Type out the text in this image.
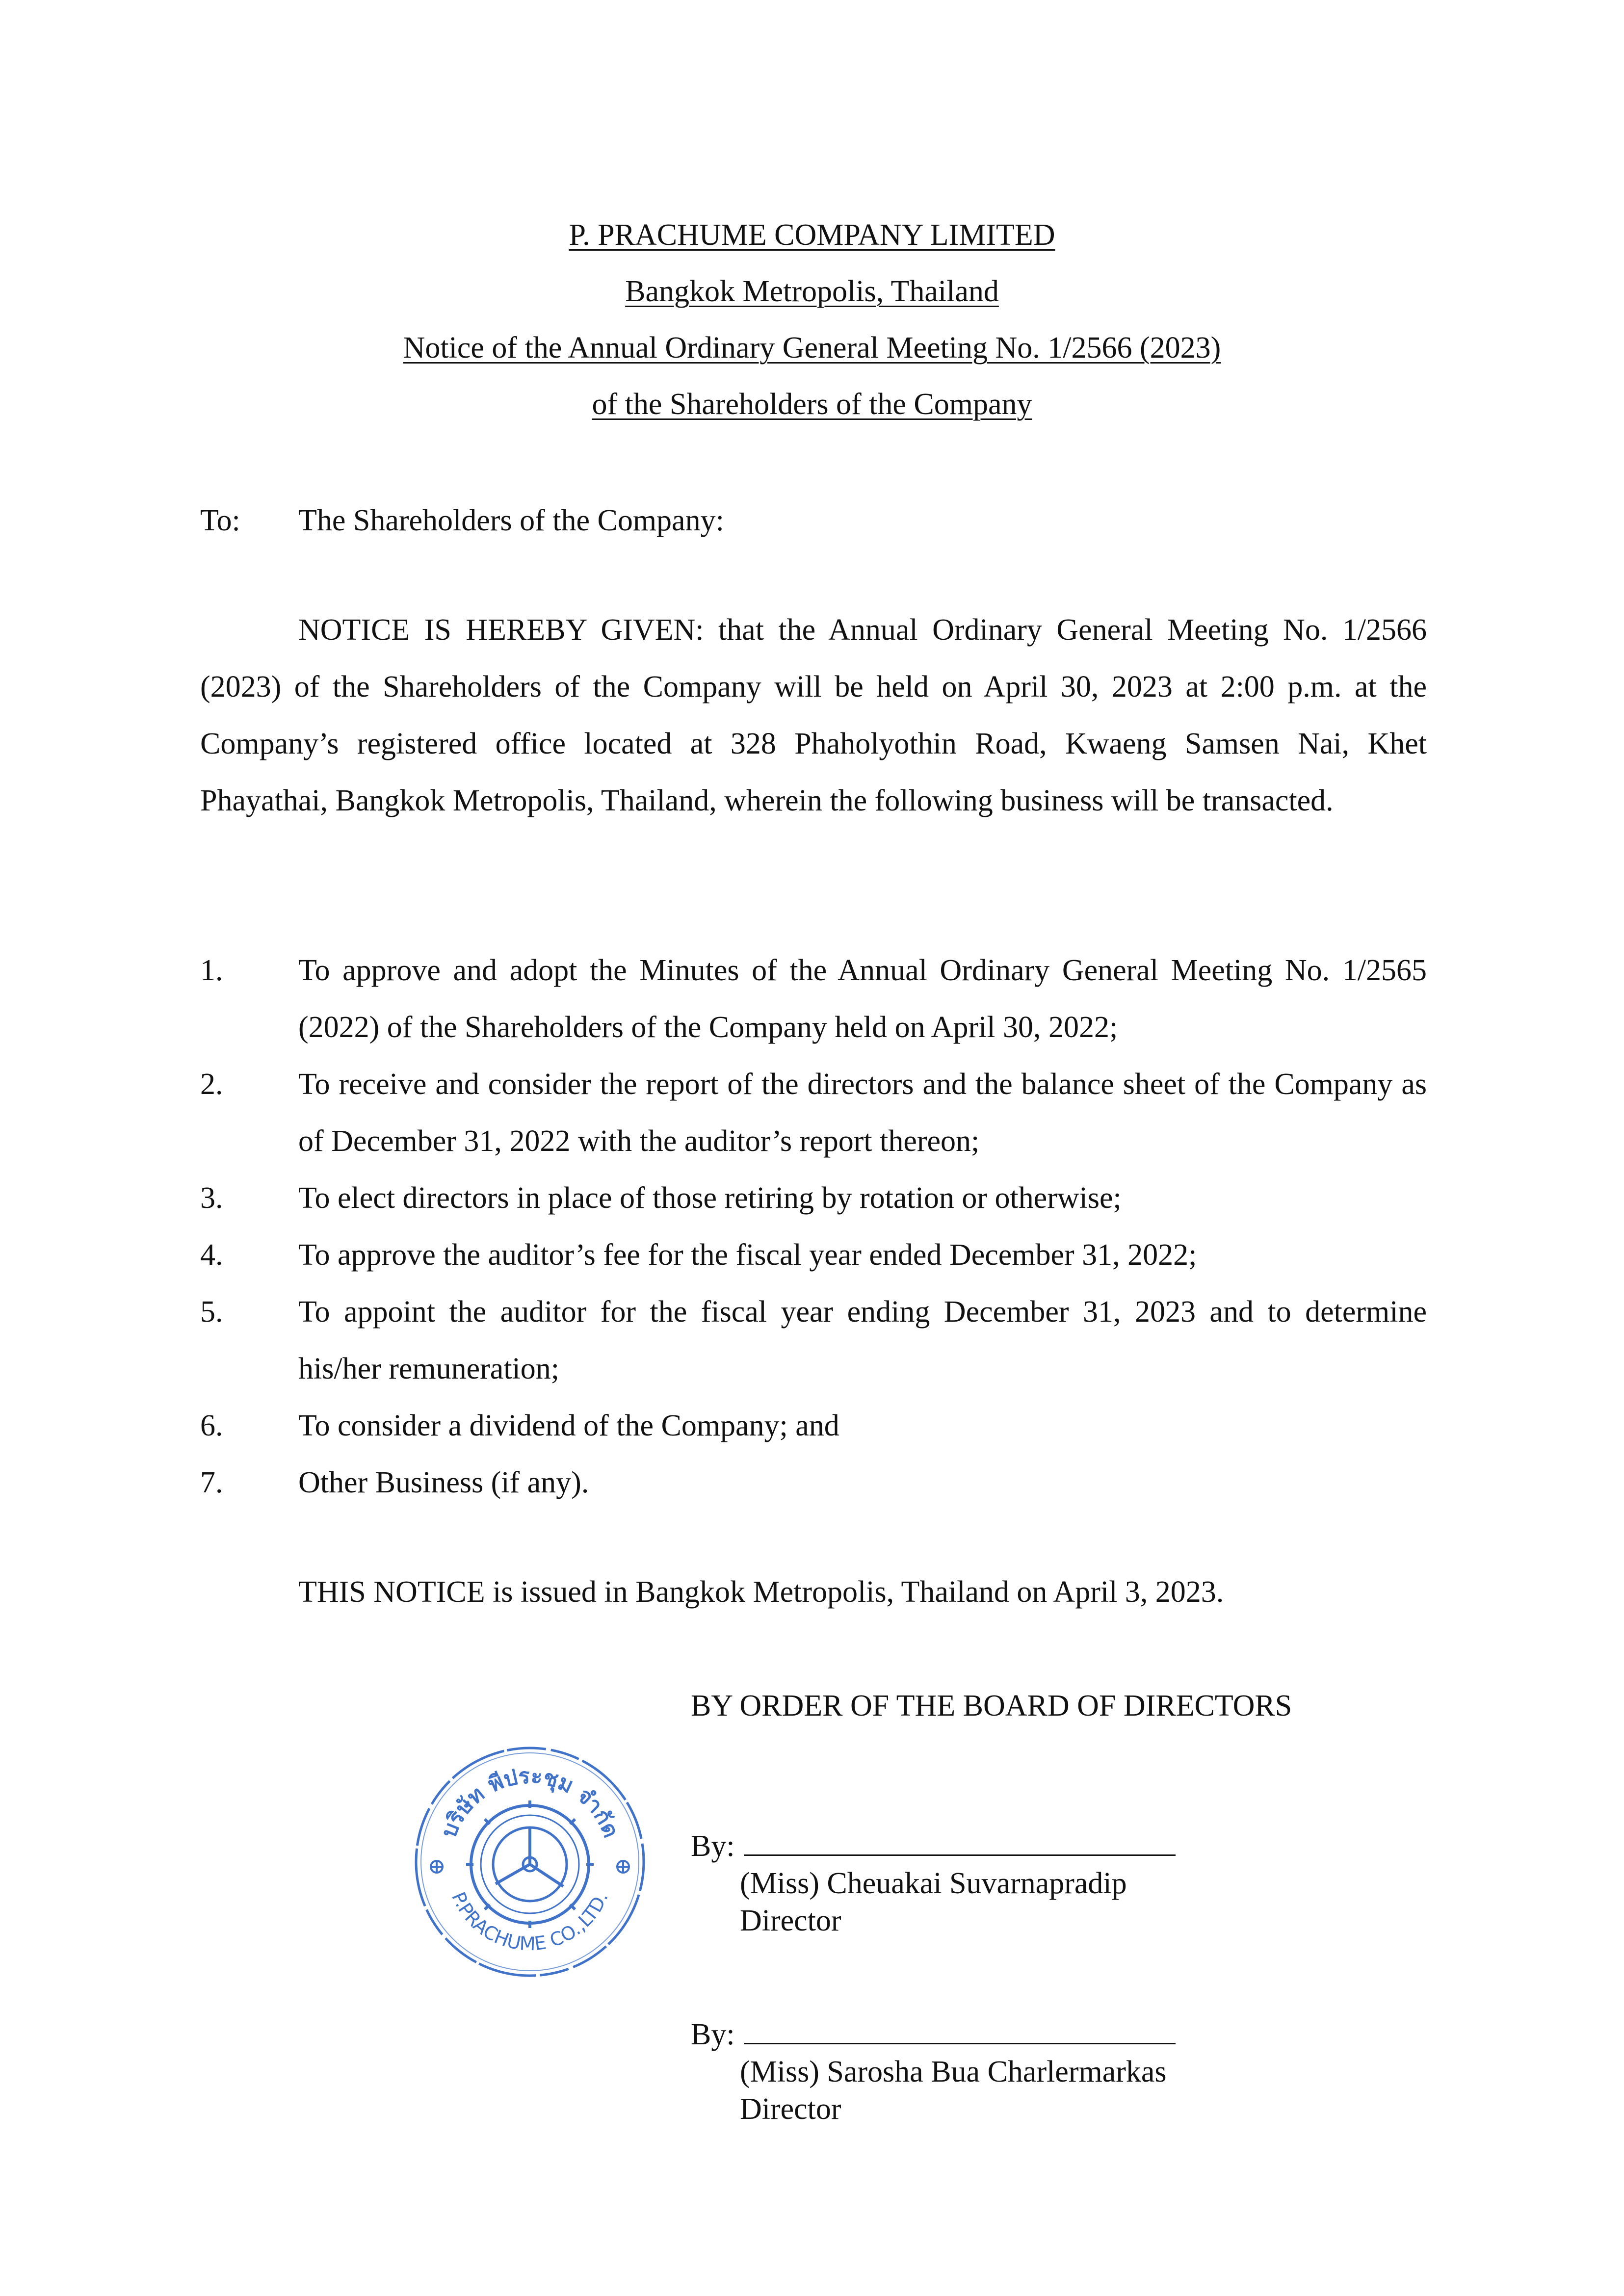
P. PRACHUME COMPANY LIMITED
Bangkok Metropolis, Thailand
Notice of the Annual Ordinary General Meeting No. 1/2566 (2023)
of the Shareholders of the Company
To: The Shareholders of the Company:
NOTICE IS HEREBY GIVEN: that the Annual Ordinary General Meeting No. 1/2566 (2023) of the Shareholders of the Company will be held on April 30, 2023 at 2:00 p.m. at the Company’s registered office located at 328 Phaholyothin Road, Kwaeng Samsen Nai, Khet Phayathai, Bangkok Metropolis, Thailand, wherein the following business will be transacted.
1. To approve and adopt the Minutes of the Annual Ordinary General Meeting No. 1/2565 (2022) of the Shareholders of the Company held on April 30, 2022;
2. To receive and consider the report of the directors and the balance sheet of the Company as of December 31, 2022 with the auditor’s report thereon;
3. To elect directors in place of those retiring by rotation or otherwise;
4. To approve the auditor’s fee for the fiscal year ended December 31, 2022;
5. To appoint the auditor for the fiscal year ending December 31, 2023 and to determine his/her remuneration;
6. To consider a dividend of the Company; and
7. Other Business (if any).
THIS NOTICE is issued in Bangkok Metropolis, Thailand on April 3, 2023.
BY ORDER OF THE BOARD OF DIRECTORS
บริษัท พีประชุม จำกัด
P.PRACHUME CO.,LTD.
By:
(Miss) Cheuakai Suvarnapradip
Director
By:
(Miss) Sarosha Bua Charlermarkas
Director
